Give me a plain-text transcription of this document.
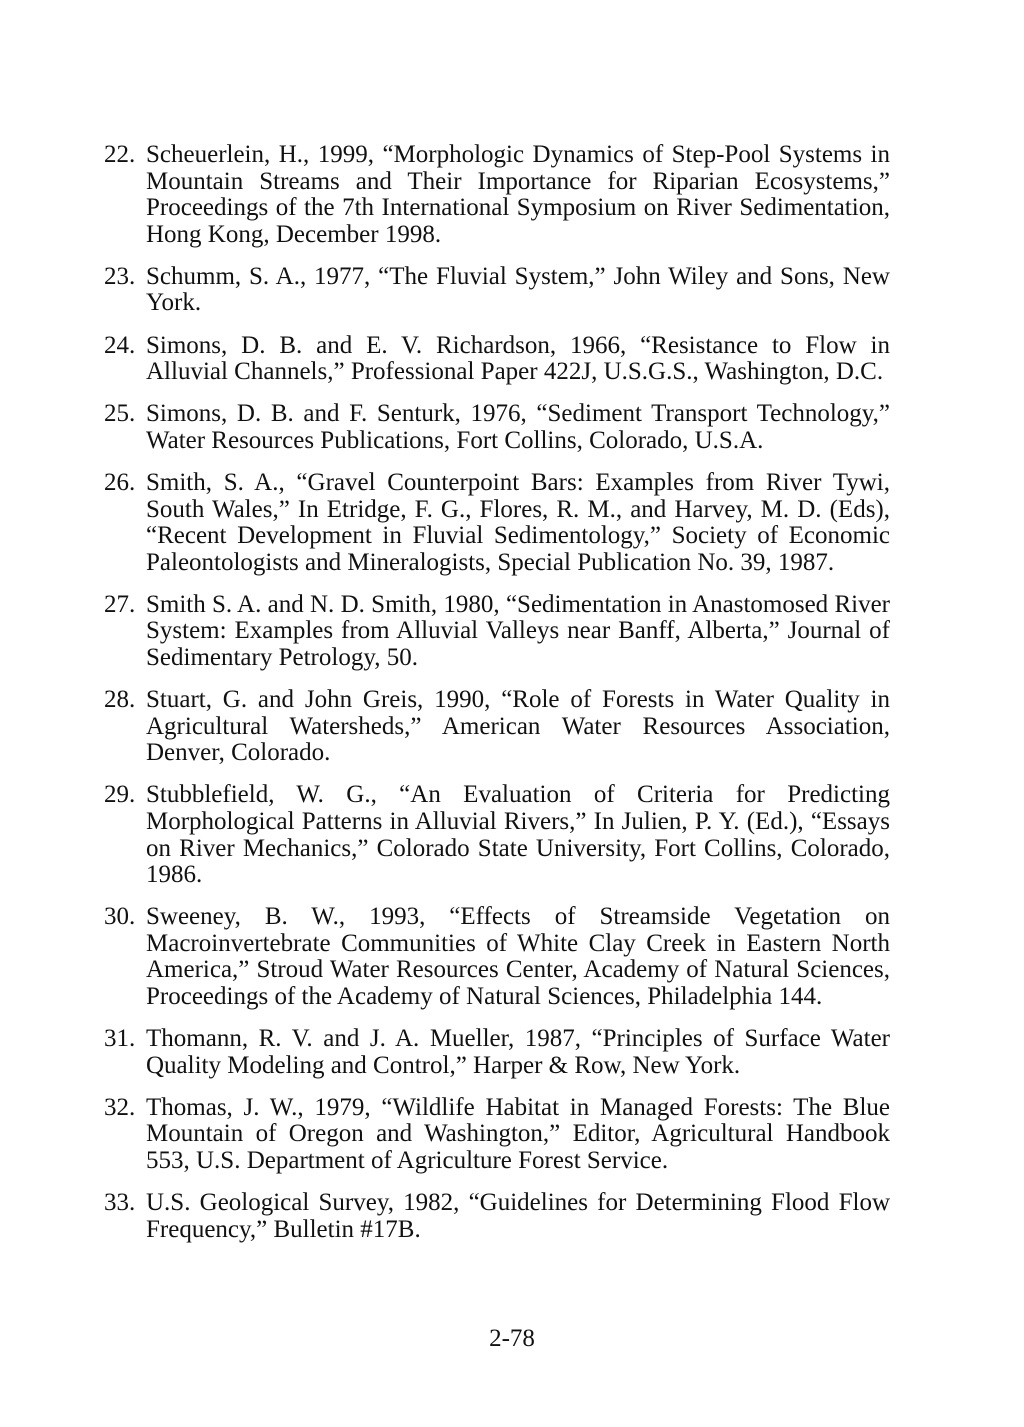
22. Scheuerlein, H., 1999, “Morphologic Dynamics of Step-Pool Systems in Mountain Streams and Their Importance for Riparian Ecosystems,” Proceedings of the 7th International Symposium on River Sedimentation, Hong Kong, December 1998.
23. Schumm, S. A., 1977, “The Fluvial System,” John Wiley and Sons, New York.
24. Simons, D. B. and E. V. Richardson, 1966, “Resistance to Flow in Alluvial Channels,” Professional Paper 422J, U.S.G.S., Washington, D.C.
25. Simons, D. B. and F. Senturk, 1976, “Sediment Transport Technology,” Water Resources Publications, Fort Collins, Colorado, U.S.A.
26. Smith, S. A., “Gravel Counterpoint Bars: Examples from River Tywi, South Wales,” In Etridge, F. G., Flores, R. M., and Harvey, M. D. (Eds), “Recent Development in Fluvial Sedimentology,” Society of Economic Paleontologists and Mineralogists, Special Publication No. 39, 1987.
27. Smith S. A. and N. D. Smith, 1980, “Sedimentation in Anastomosed River System: Examples from Alluvial Valleys near Banff, Alberta,” Journal of Sedimentary Petrology, 50.
28. Stuart, G. and John Greis, 1990, “Role of Forests in Water Quality in Agricultural Watersheds,” American Water Resources Association, Denver, Colorado.
29. Stubblefield, W. G., “An Evaluation of Criteria for Predicting Morphological Patterns in Alluvial Rivers,” In Julien, P. Y. (Ed.), “Essays on River Mechanics,” Colorado State University, Fort Collins, Colorado, 1986.
30. Sweeney, B. W., 1993, “Effects of Streamside Vegetation on Macroinvertebrate Communities of White Clay Creek in Eastern North America,” Stroud Water Resources Center, Academy of Natural Sciences, Proceedings of the Academy of Natural Sciences, Philadelphia 144.
31. Thomann, R. V. and J. A. Mueller, 1987, “Principles of Surface Water Quality Modeling and Control,” Harper & Row, New York.
32. Thomas, J. W., 1979, “Wildlife Habitat in Managed Forests: The Blue Mountain of Oregon and Washington,” Editor, Agricultural Handbook 553, U.S. Department of Agriculture Forest Service.
33. U.S. Geological Survey, 1982, “Guidelines for Determining Flood Flow Frequency,” Bulletin #17B.
2-78
